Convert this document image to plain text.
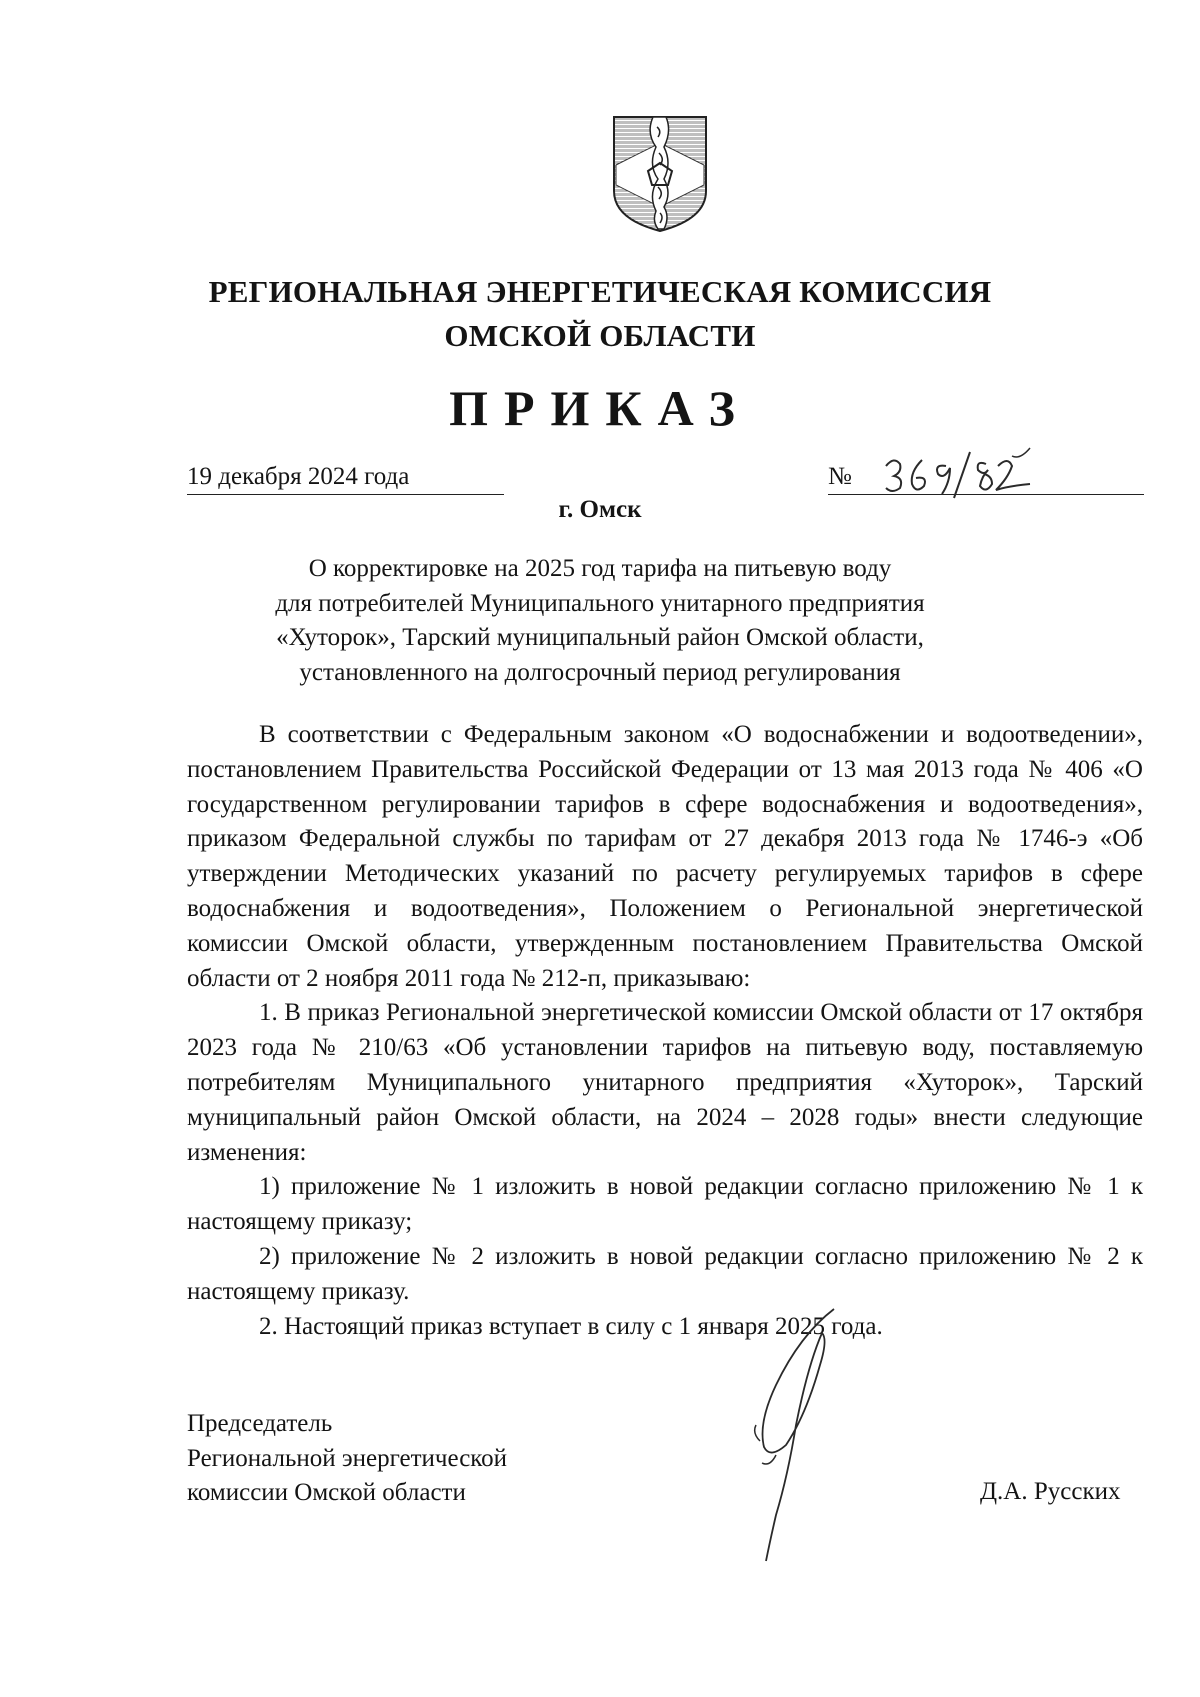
РЕГИОНАЛЬНАЯ ЭНЕРГЕТИЧЕСКАЯ КОМИССИЯ
ОМСКОЙ ОБЛАСТИ
ПРИКАЗ
19 декабря 2024 года	№
г. Омск
О корректировке на 2025 год тарифа на питьевую воду
для потребителей Муниципального унитарного предприятия
«Хуторок», Тарский муниципальный район Омской области,
установленного на долгосрочный период регулирования

В соответствии с Федеральным законом «О водоснабжении и водоотведении», постановлением Правительства Российской Федерации от 13 мая 2013 года № 406 «О государственном регулировании тарифов в сфере водоснабжения и водоотведения», приказом Федеральной службы по тарифам от 27 декабря 2013 года № 1746-э «Об утверждении Методических указаний по расчету регулируемых тарифов в сфере водоснабжения и водоотведения», Положением о Региональной энергетической комиссии Омской области, утвержденным постановлением Правительства Омской области от 2 ноября 2011 года № 212-п, приказываю:

1. В приказ Региональной энергетической комиссии Омской области от 17 октября 2023 года № 210/63 «Об установлении тарифов на питьевую воду, поставляемую потребителям Муниципального унитарного предприятия «Хуторок», Тарский муниципальный район Омской области, на 2024 – 2028 годы» внести следующие изменения:

1) приложение № 1 изложить в новой редакции согласно приложению № 1 к настоящему приказу;

2) приложение № 2 изложить в новой редакции согласно приложению № 2 к настоящему приказу.

2. Настоящий приказ вступает в силу с 1 января 2025 года.

Председатель
Региональной энергетической
комиссии Омской области	Д.А. Русских
